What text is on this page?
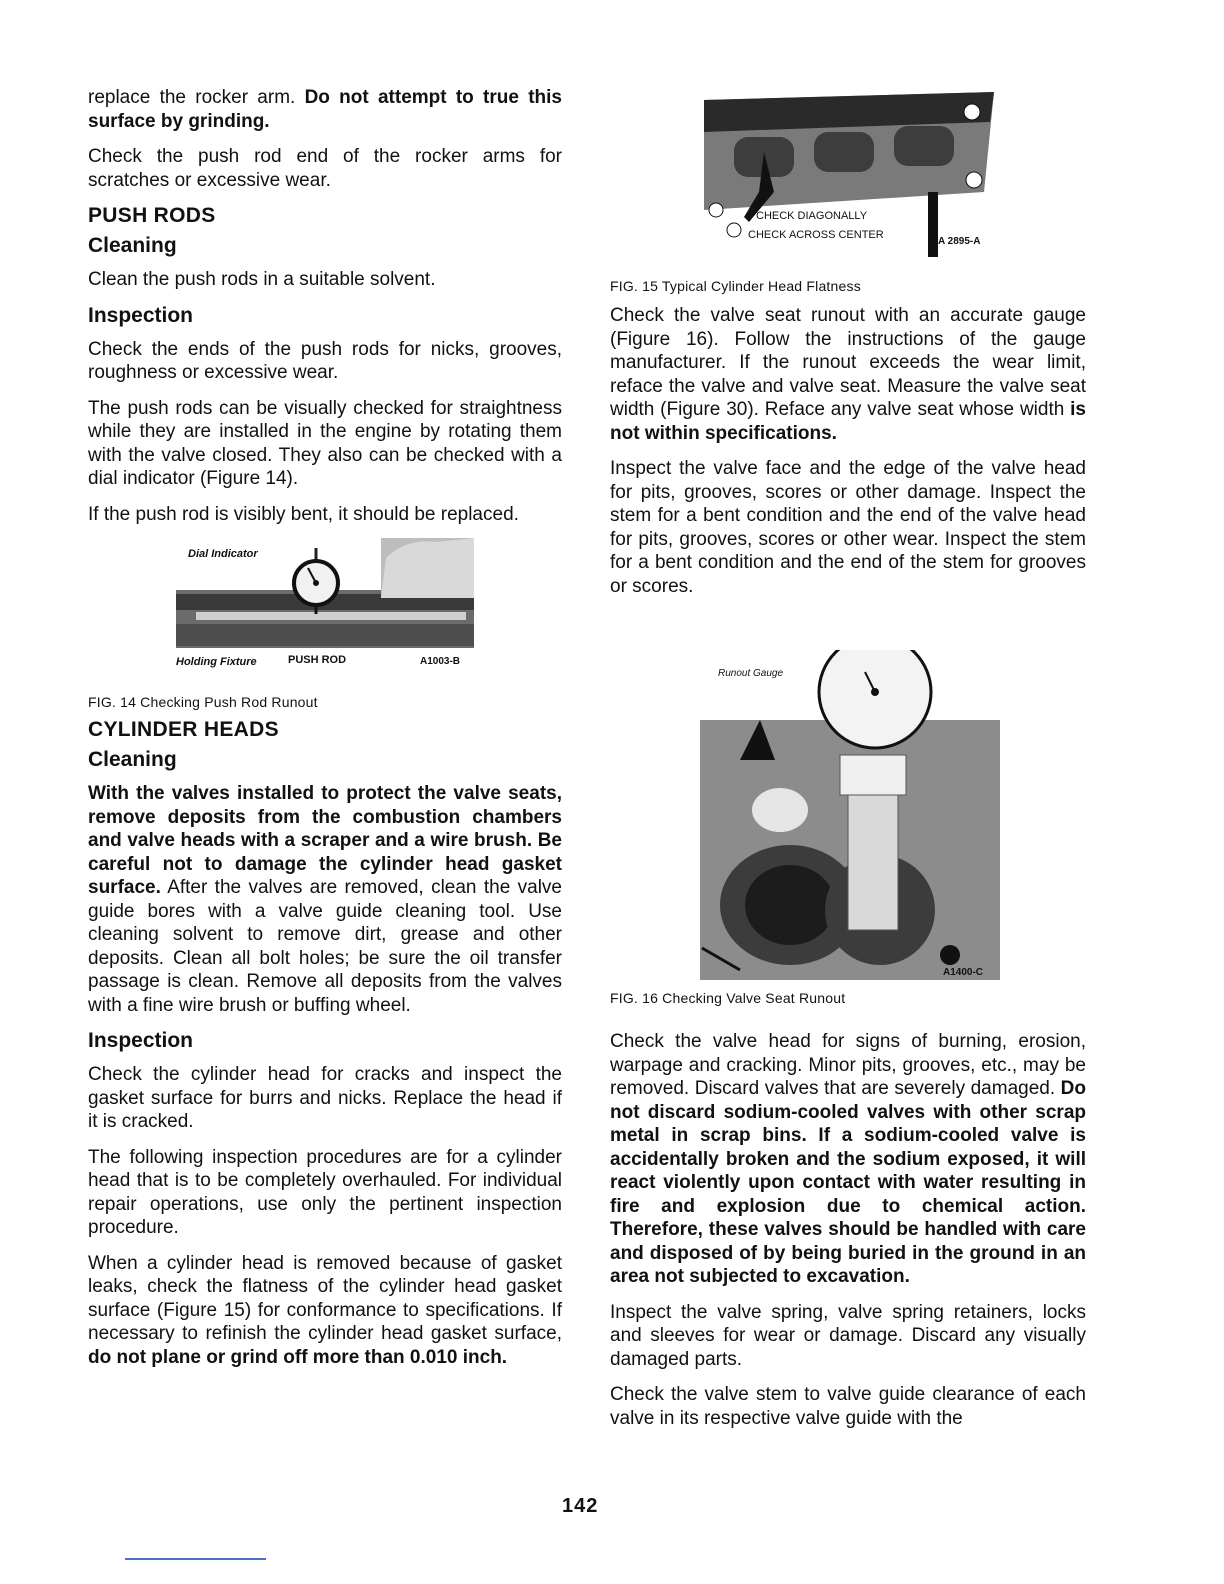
replace the rocker arm. Do not attempt to true this surface by grinding.

Check the push rod end of the rocker arms for scratches or excessive wear.

PUSH RODS
Cleaning

Clean the push rods in a suitable solvent.

Inspection

Check the ends of the push rods for nicks, grooves, roughness or excessive wear.

The push rods can be visually checked for straightness while they are installed in the engine by rotating them with the valve closed. They also can be checked with a dial indicator (Figure 14).

If the push rod is visibly bent, it should be replaced.

Dial Indicator
Holding Fixture	PUSH ROD	A1003-B
FIG. 14 Checking Push Rod Runout
CYLINDER HEADS
Cleaning

With the valves installed to protect the valve seats, remove deposits from the combustion chambers and valve heads with a scraper and a wire brush. Be careful not to damage the cylinder head gasket surface. After the valves are removed, clean the valve guide bores with a valve guide cleaning tool. Use cleaning solvent to remove dirt, grease and other deposits. Clean all bolt holes; be sure the oil transfer passage is clean. Remove all deposits from the valves with a fine wire brush or buffing wheel.

Inspection

Check the cylinder head for cracks and inspect the gasket surface for burrs and nicks. Replace the head if it is cracked.

The following inspection procedures are for a cylinder head that is to be completely overhauled. For individual repair operations, use only the pertinent inspection procedure.

When a cylinder head is removed because of gasket leaks, check the flatness of the cylinder head gasket surface (Figure 15) for conformance to specifications. If necessary to refinish the cylinder head gasket surface, do not plane or grind off more than 0.010 inch.

CHECK DIAGONALLY
CHECK ACROSS CENTER
A 2895-A
FIG. 15 Typical Cylinder Head Flatness

Check the valve seat runout with an accurate gauge (Figure 16). Follow the instructions of the gauge manufacturer. If the runout exceeds the wear limit, reface the valve and valve seat. Measure the valve seat width (Figure 30). Reface any valve seat whose width is not within specifications.

Inspect the valve face and the edge of the valve head for pits, grooves, scores or other damage. Inspect the stem for a bent condition and the end of the valve head for pits, grooves, scores or other wear. Inspect the stem for a bent condition and the end of the stem for grooves or scores.

Runout Gauge
A1400-C
FIG. 16 Checking Valve Seat Runout

Check the valve head for signs of burning, erosion, warpage and cracking. Minor pits, grooves, etc., may be removed. Discard valves that are severely damaged. Do not discard sodium-cooled valves with other scrap metal in scrap bins. If a sodium-cooled valve is accidentally broken and the sodium exposed, it will react violently upon contact with water resulting in fire and explosion due to chemical action. Therefore, these valves should be handled with care and disposed of by being buried in the ground in an area not subjected to excavation.

Inspect the valve spring, valve spring retainers, locks and sleeves for wear or damage. Discard any visually damaged parts.

Check the valve stem to valve guide clearance of each valve in its respective valve guide with the

142
